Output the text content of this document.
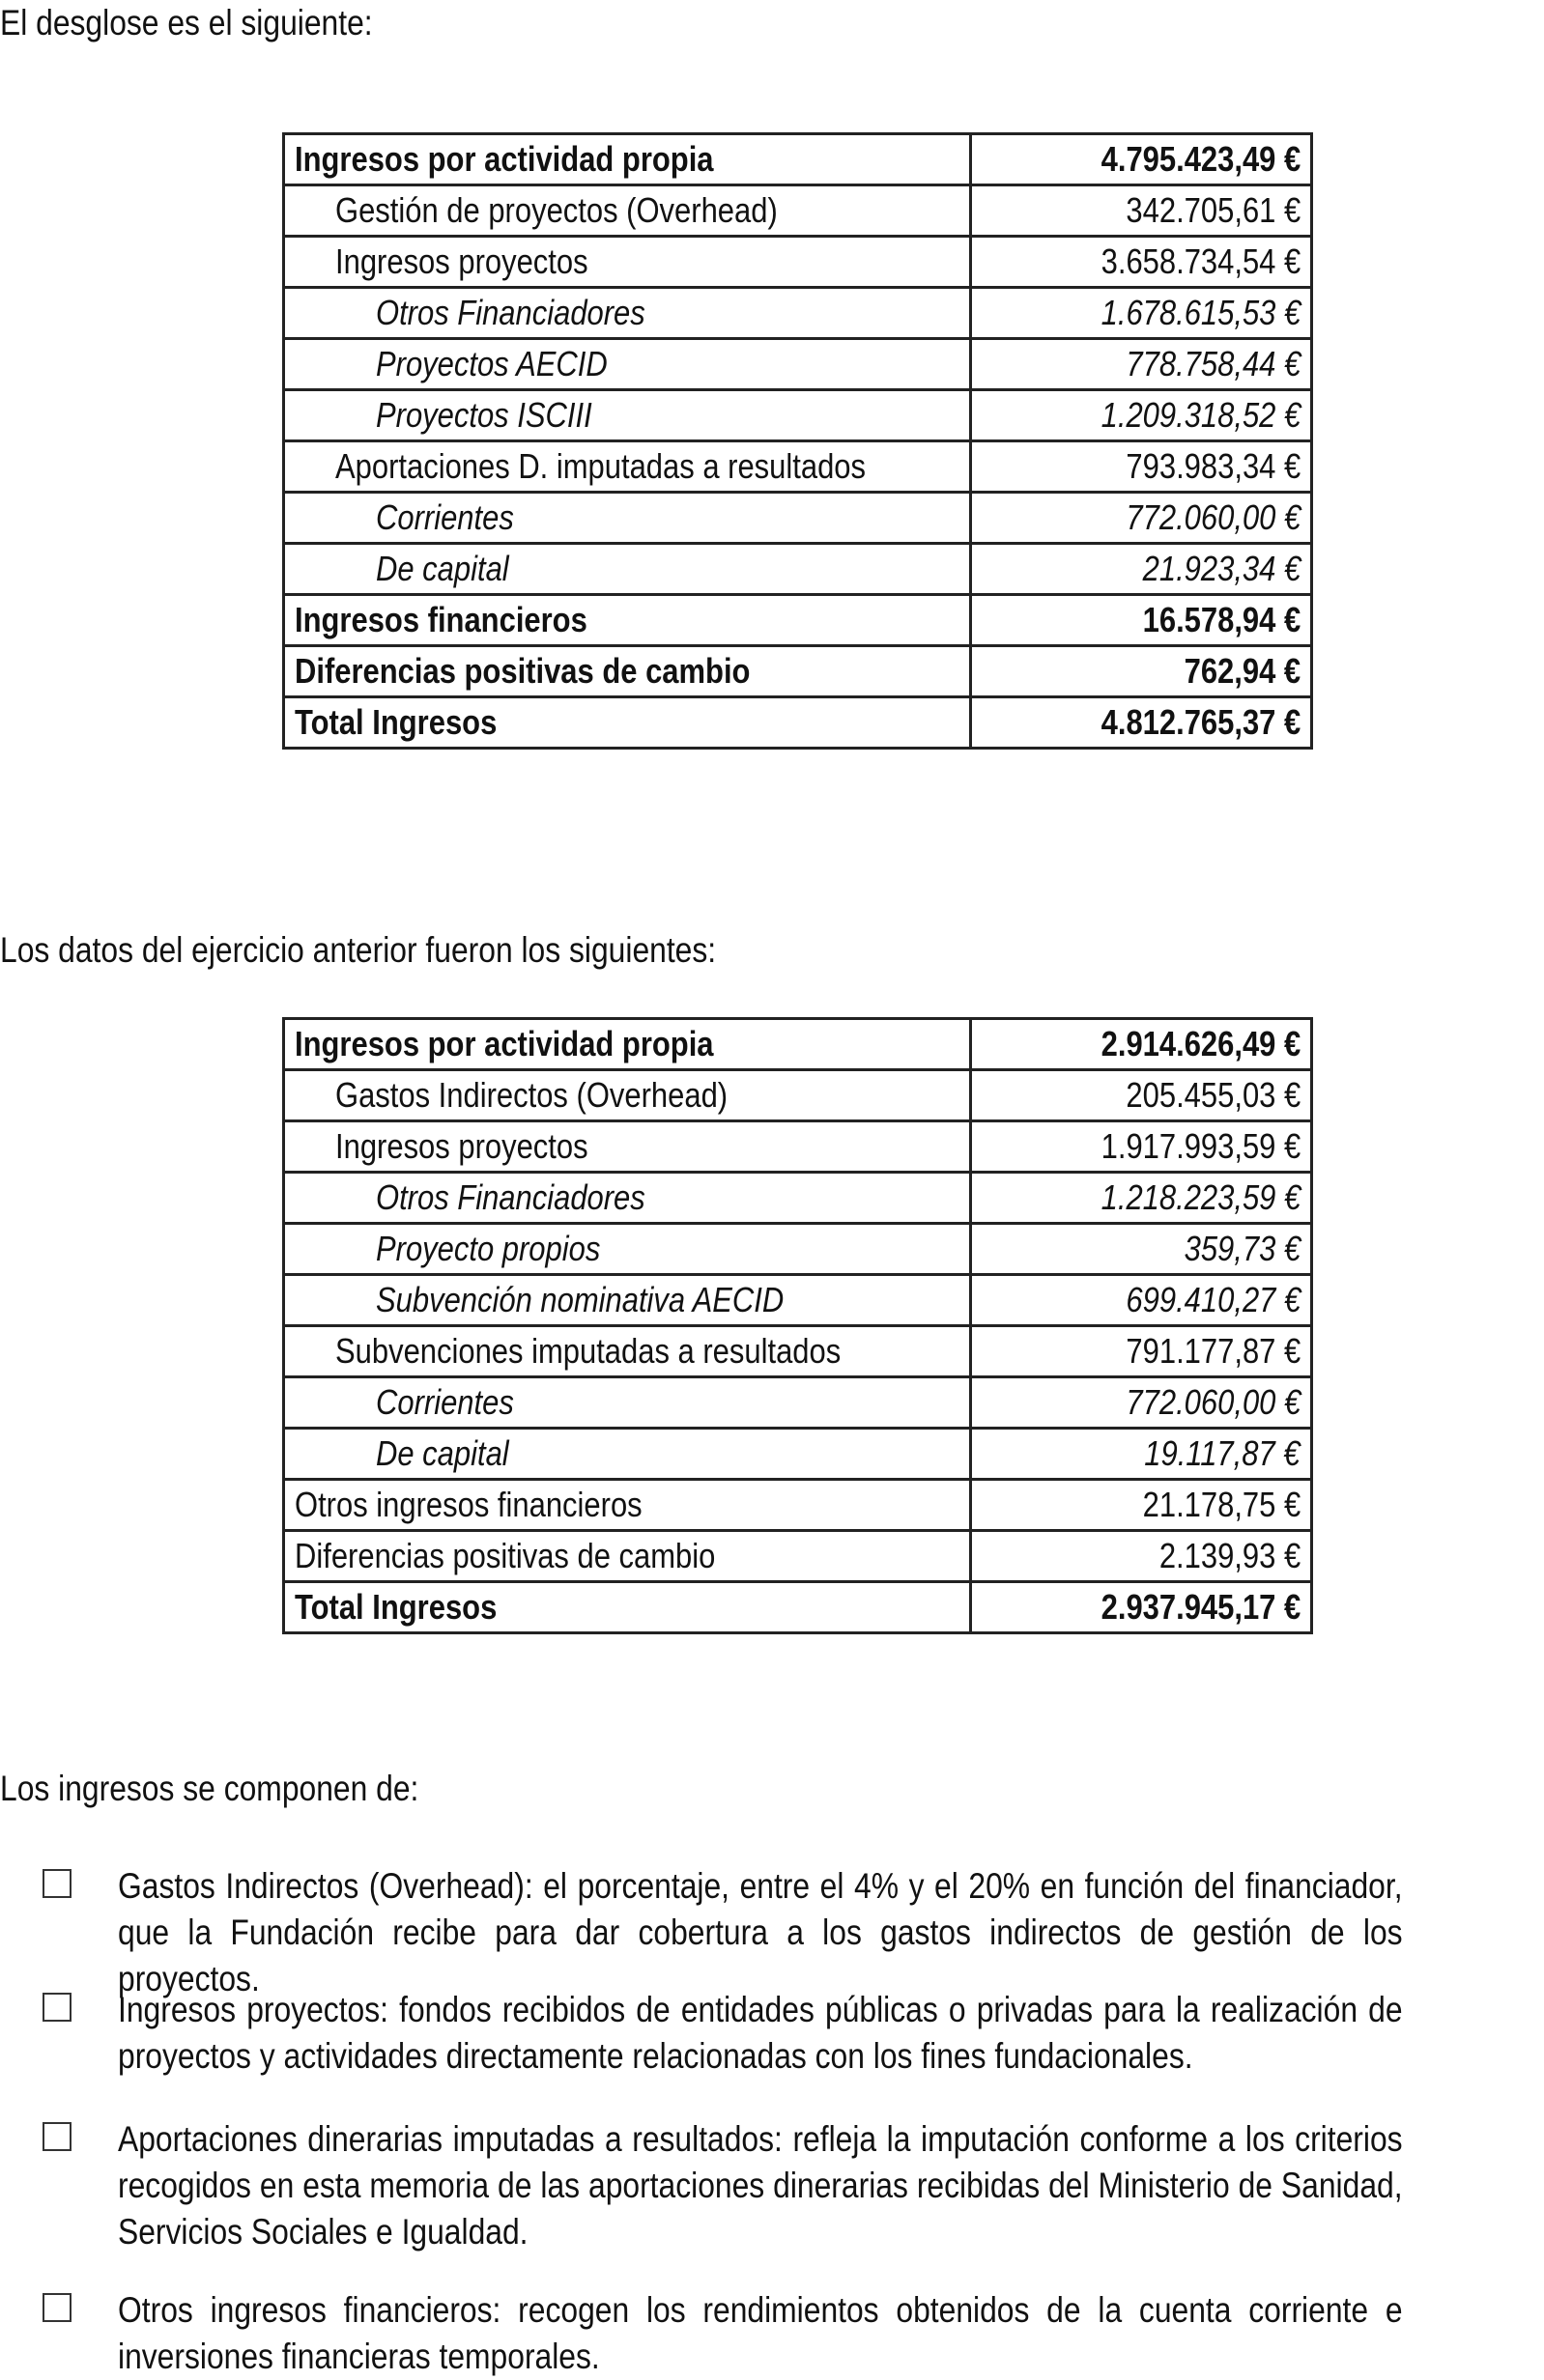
El desglose es el siguiente:
Ingresos por actividad propia	4.795.423,49 €
Gestión de proyectos (Overhead)	342.705,61 €
Ingresos proyectos	3.658.734,54 €
Otros Financiadores	1.678.615,53 €
Proyectos AECID	778.758,44 €
Proyectos ISCIII	1.209.318,52 €
Aportaciones D. imputadas a resultados	793.983,34 €
Corrientes	772.060,00 €
De capital	21.923,34 €
Ingresos financieros	16.578,94 €
Diferencias positivas de cambio	762,94 €
Total Ingresos	4.812.765,37 €
Los datos del ejercicio anterior fueron los siguientes:
Ingresos por actividad propia	2.914.626,49 €
Gastos Indirectos (Overhead)	205.455,03 €
Ingresos proyectos	1.917.993,59 €
Otros Financiadores	1.218.223,59 €
Proyecto propios	359,73 €
Subvención nominativa AECID	699.410,27 €
Subvenciones imputadas a resultados	791.177,87 €
Corrientes	772.060,00 €
De capital	19.117,87 €
Otros ingresos financieros	21.178,75 €
Diferencias positivas de cambio	2.139,93 €
Total Ingresos	2.937.945,17 €
Los ingresos se componen de:
Gastos Indirectos (Overhead): el porcentaje, entre el 4% y el 20% en función del financiador, que la Fundación recibe para dar cobertura a los gastos indirectos de gestión de los proyectos.
Ingresos proyectos: fondos recibidos de entidades públicas o privadas para la realización de proyectos y actividades directamente relacionadas con los fines fundacionales.
Aportaciones dinerarias imputadas a resultados: refleja la imputación conforme a los criterios recogidos en esta memoria de las aportaciones dinerarias recibidas del Ministerio de Sanidad, Servicios Sociales e Igualdad.
Otros ingresos financieros: recogen los rendimientos obtenidos de la cuenta corriente e inversiones financieras temporales.
